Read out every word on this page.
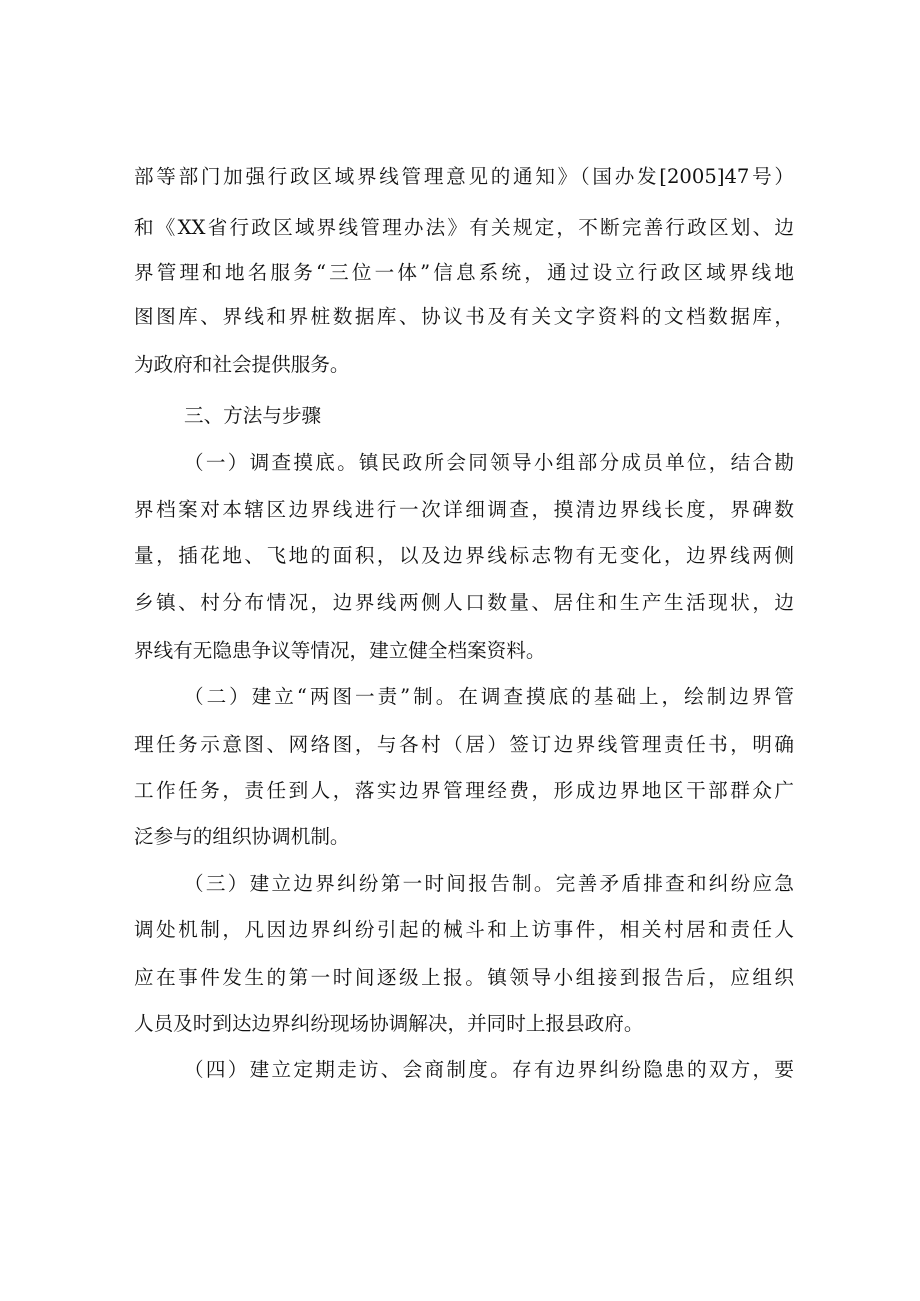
部等部门加强行政区域界线管理意见的通知》（国办发[2005]47号）
和《XX省行政区域界线管理办法》有关规定，不断完善行政区划、边
界管理和地名服务“三位一体”信息系统，通过设立行政区域界线地
图图库、界线和界桩数据库、协议书及有关文字资料的文档数据库，
为政府和社会提供服务。
三、方法与步骤
（一）调查摸底。镇民政所会同领导小组部分成员单位，结合勘
界档案对本辖区边界线进行一次详细调查，摸清边界线长度，界碑数
量，插花地、飞地的面积，以及边界线标志物有无变化，边界线两侧
乡镇、村分布情况，边界线两侧人口数量、居住和生产生活现状，边
界线有无隐患争议等情况，建立健全档案资料。
（二）建立“两图一责”制。在调查摸底的基础上，绘制边界管
理任务示意图、网络图，与各村（居）签订边界线管理责任书，明确
工作任务，责任到人，落实边界管理经费，形成边界地区干部群众广
泛参与的组织协调机制。
（三）建立边界纠纷第一时间报告制。完善矛盾排查和纠纷应急
调处机制，凡因边界纠纷引起的械斗和上访事件，相关村居和责任人
应在事件发生的第一时间逐级上报。镇领导小组接到报告后，应组织
人员及时到达边界纠纷现场协调解决，并同时上报县政府。
（四）建立定期走访、会商制度。存有边界纠纷隐患的双方，要
